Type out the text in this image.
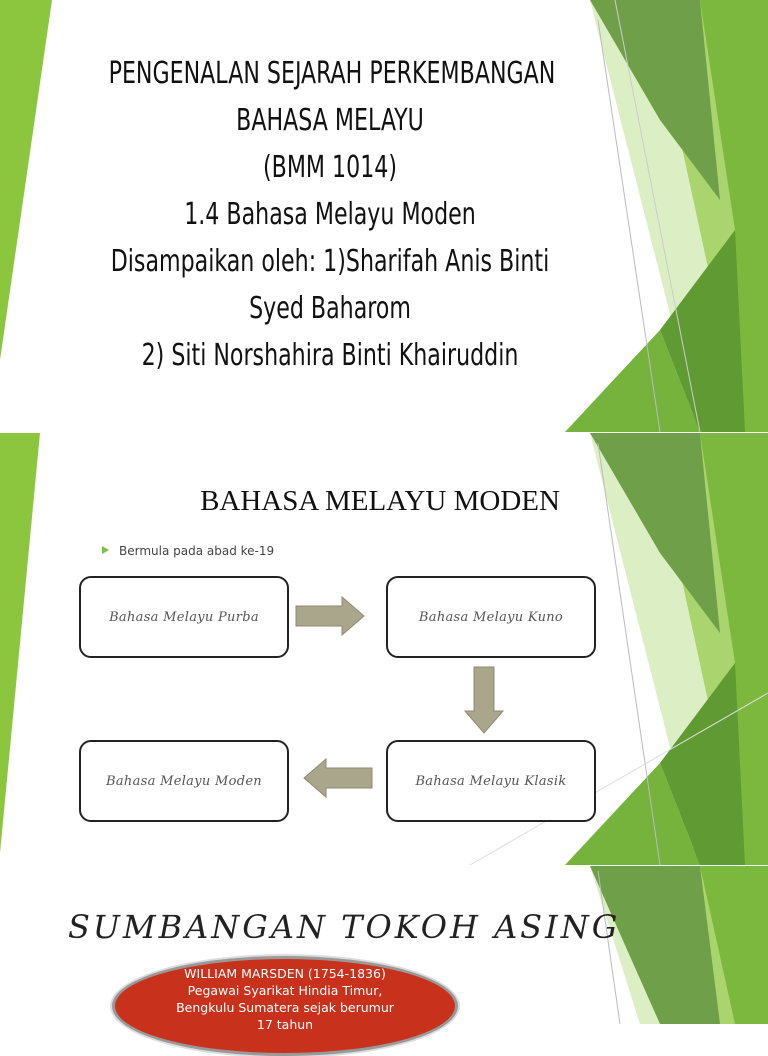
PENGENALAN SEJARAH PERKEMBANGAN
BAHASA MELAYU
(BMM 1014)
1.4 Bahasa Melayu Moden
Disampaikan oleh: 1)Sharifah Anis Binti
Syed Baharom
2) Siti Norshahira Binti Khairuddin
BAHASA MELAYU MODEN
Bermula pada abad ke-19
Bahasa Melayu Purba	Bahasa Melayu Kuno
Bahasa Melayu Moden	Bahasa Melayu Klasik
SUMBANGAN TOKOH ASING
WILLIAM MARSDEN (1754-1836)
Pegawai Syarikat Hindia Timur,
Bengkulu Sumatera sejak berumur
17 tahun
